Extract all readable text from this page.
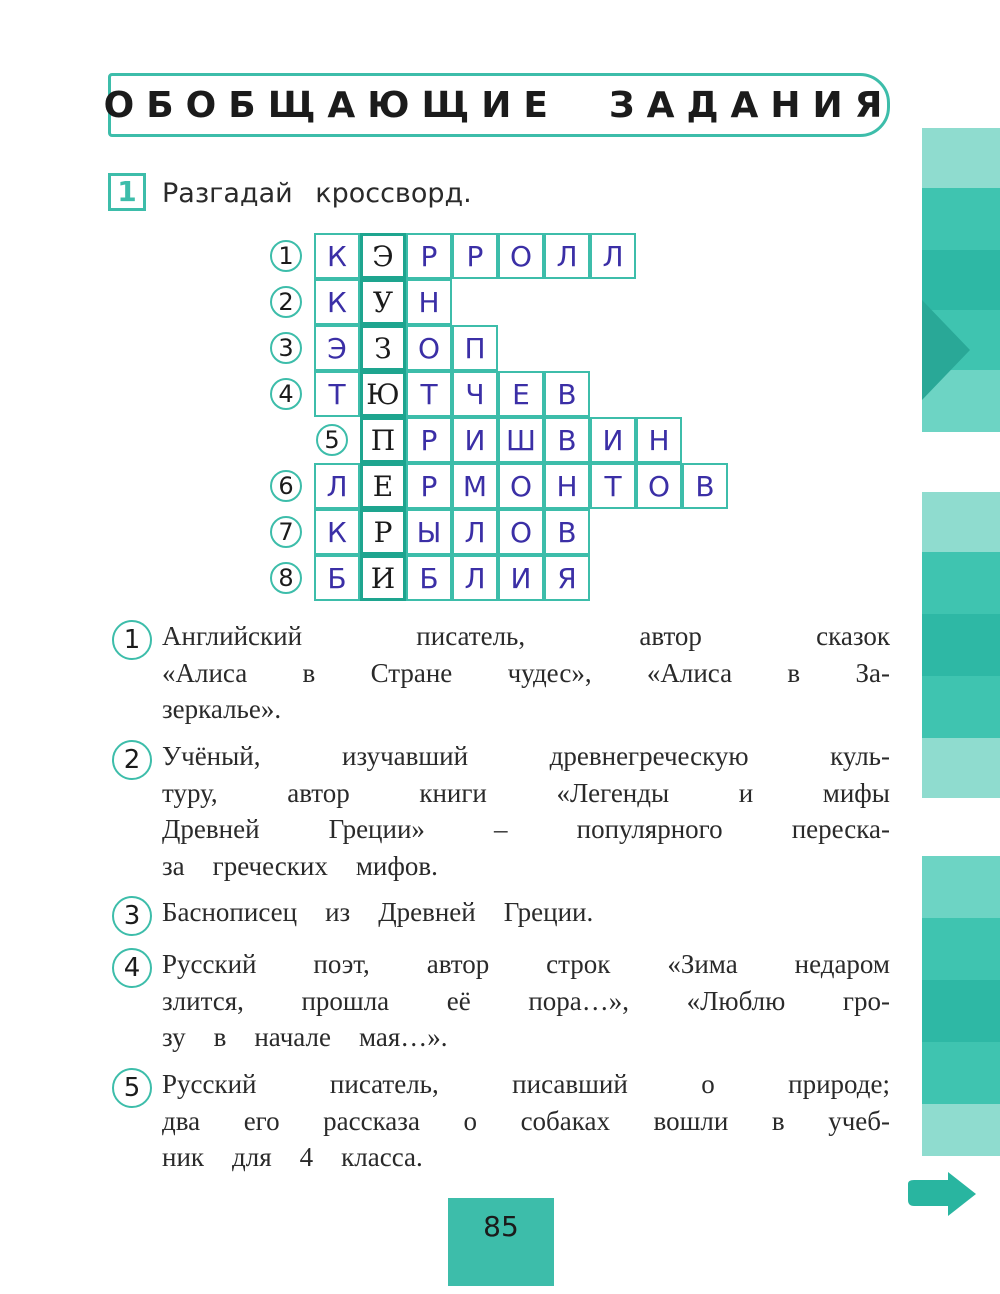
ОБОБЩАЮЩИЕ  ЗАДАНИЯ
1 Разгадай кроссворд.
1	К Э Р	Р О Л Л
2	К У Н
3	Э З О П
4	Т Ю Т Ч Е В
5	П Р И Ш В И Н
6	Л Е Р М О Н Т О В
7	К Р Ы Л О В
8	Б И Б Л И Я
1 Английский	писатель,	автор	сказок
«Алиса в Стране чудес», «Алиса в За-
зеркалье».
2 Учёный,	изучавший	древнегреческую	куль-
туру,	автор	книги	«Легенды	и	мифы
Древней	Греции»	–	популярного	переска-
за греческих мифов.
3 Баснописец из Древней Греции.
4 Русский поэт, автор строк «Зима недаром
злится, прошла её пора…», «Люблю гро-
зу в начале мая…».
5 Русский	писатель,	писавший	о	природе;
два его рассказа о собаках вошли в учеб-
ник для 4 класса.
85
